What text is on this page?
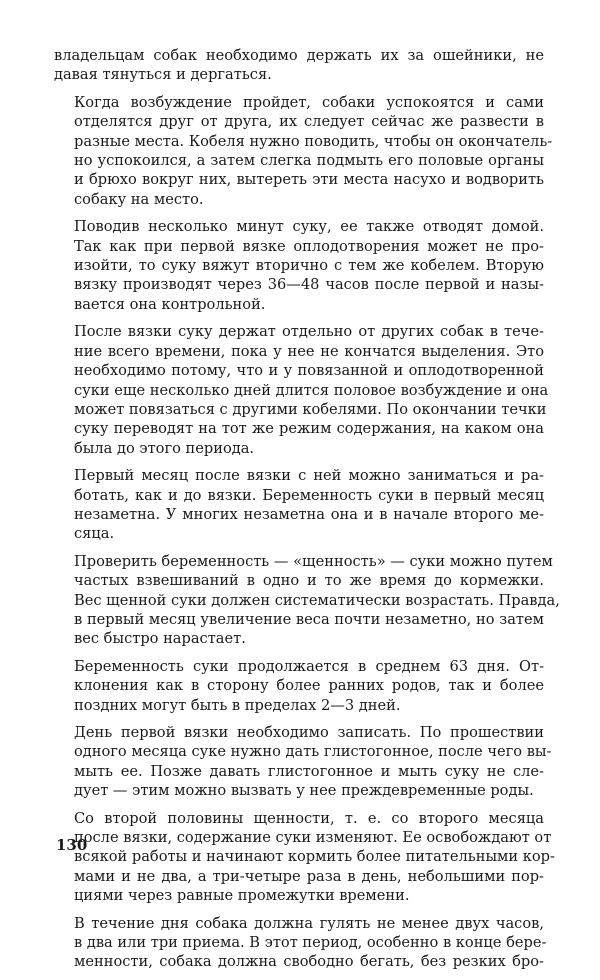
владельцам собак необходимо держать их за ошейники, не
давая тянуться и дергаться.
Когда возбуждение пройдет, собаки успокоятся и сами
отделятся друг от друга, их следует сейчас же развести в
разные места. Кобеля нужно поводить, чтобы он окончатель-
но успокоился, а затем слегка подмыть его половые органы
и брюхо вокруг них, вытереть эти места насухо и водворить
собаку на место.
Поводив несколько минут суку, ее также отводят домой.
Так как при первой вязке оплодотворения может не про-
изойти, то суку вяжут вторично с тем же кобелем. Вторую
вязку производят через 36—48 часов после первой и назы-
вается она контрольной.
После вязки суку держат отдельно от других собак в тече-
ние всего времени, пока у нее не кончатся выделения. Это
необходимо потому, что и у повязанной и оплодотворенной
суки еще несколько дней длится половое возбуждение и она
может повязаться с другими кобелями. По окончании течки
суку переводят на тот же режим содержания, на каком она
была до этого периода.
Первый месяц после вязки с ней можно заниматься и ра-
ботать, как и до вязки. Беременность суки в первый месяц
незаметна. У многих незаметна она и в начале второго ме-
сяца.
Проверить беременность — «щенность» — суки можно путем
частых взвешиваний в одно и то же время до кормежки.
Вес щенной суки должен систематически возрастать. Правда,
в первый месяц увеличение веса почти незаметно, но затем
вес быстро нарастает.
Беременность суки продолжается в среднем 63 дня. От-
клонения как в сторону более ранних родов, так и более
поздних могут быть в пределах 2—3 дней.
День первой вязки необходимо записать. По прошествии
одного месяца суке нужно дать глистогонное, после чего вы-
мыть ее. Позже давать глистогонное и мыть суку не сле-
дует — этим можно вызвать у нее преждевременные роды.
Со второй половины щенности, т. е. со второго месяца
после вязки, содержание суки изменяют. Ее освобождают от
всякой работы и начинают кормить более питательными кор-
мами и не два, а три-четыре раза в день, небольшими пор-
циями через равные промежутки времени.
В течение дня собака должна гулять не менее двух часов,
в два или три приема. В этот период, особенно в конце бере-
менности, собака должна свободно бегать, без резких бро-
130
